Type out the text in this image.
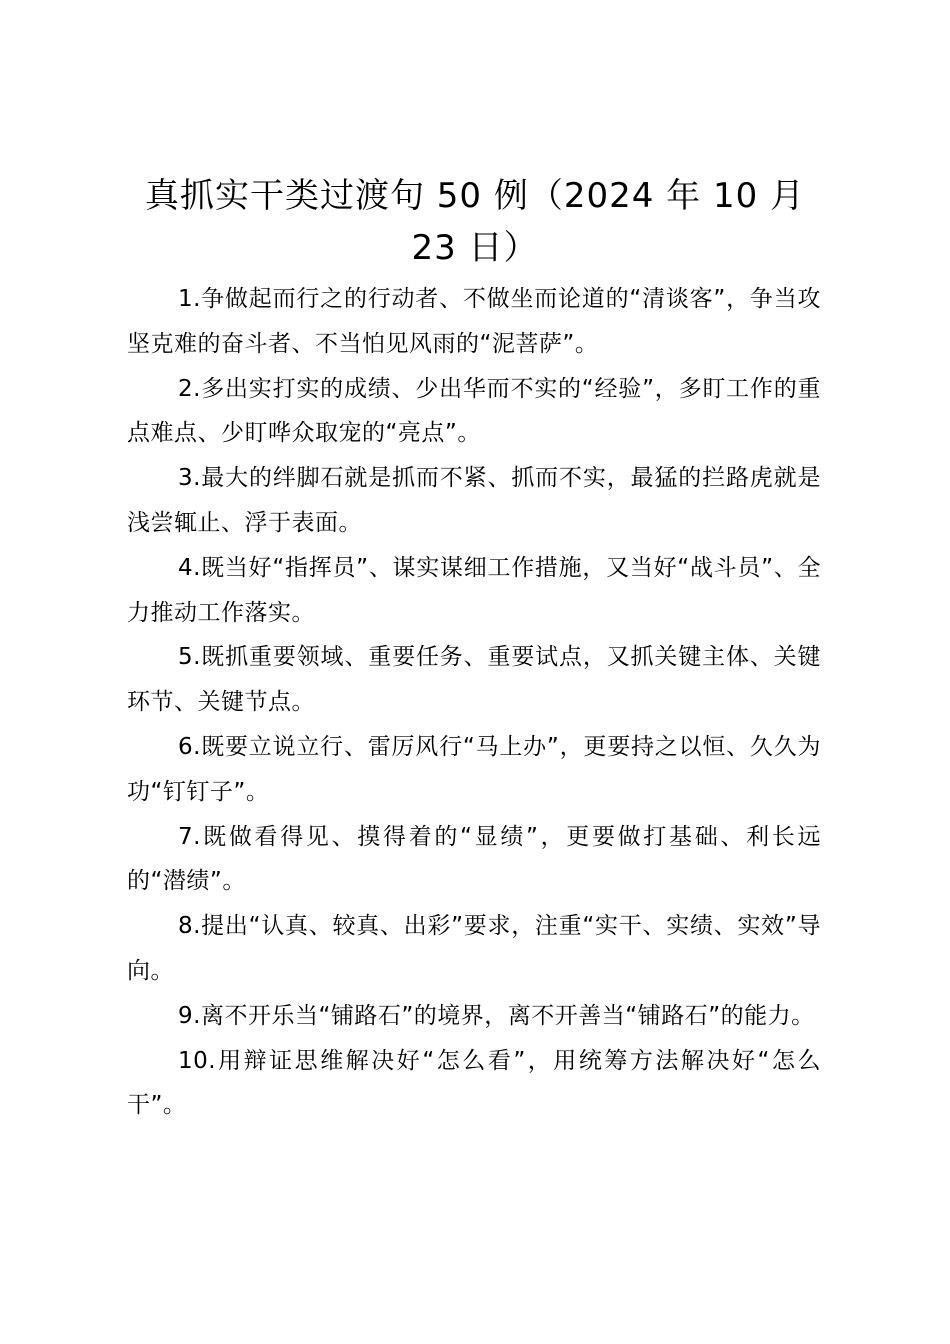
真抓实干类过渡句 50 例（2024 年 10 月 23 日）

1.争做起而行之的行动者、不做坐而论道的“清谈客”，争当攻坚克难的奋斗者、不当怕见风雨的“泥菩萨”。

2.多出实打实的成绩、少出华而不实的“经验”，多盯工作的重点难点、少盯哗众取宠的“亮点”。

3.最大的绊脚石就是抓而不紧、抓而不实，最猛的拦路虎就是浅尝辄止、浮于表面。

4.既当好“指挥员”、谋实谋细工作措施，又当好“战斗员”、全力推动工作落实。

5.既抓重要领域、重要任务、重要试点，又抓关键主体、关键环节、关键节点。

6.既要立说立行、雷厉风行“马上办”，更要持之以恒、久久为功“钉钉子”。

7.既做看得见、摸得着的“显绩”，更要做打基础、利长远的“潜绩”。

8.提出“认真、较真、出彩”要求，注重“实干、实绩、实效”导向。

9.离不开乐当“铺路石”的境界，离不开善当“铺路石”的能力。

10.用辩证思维解决好“怎么看”，用统筹方法解决好“怎么干”。
